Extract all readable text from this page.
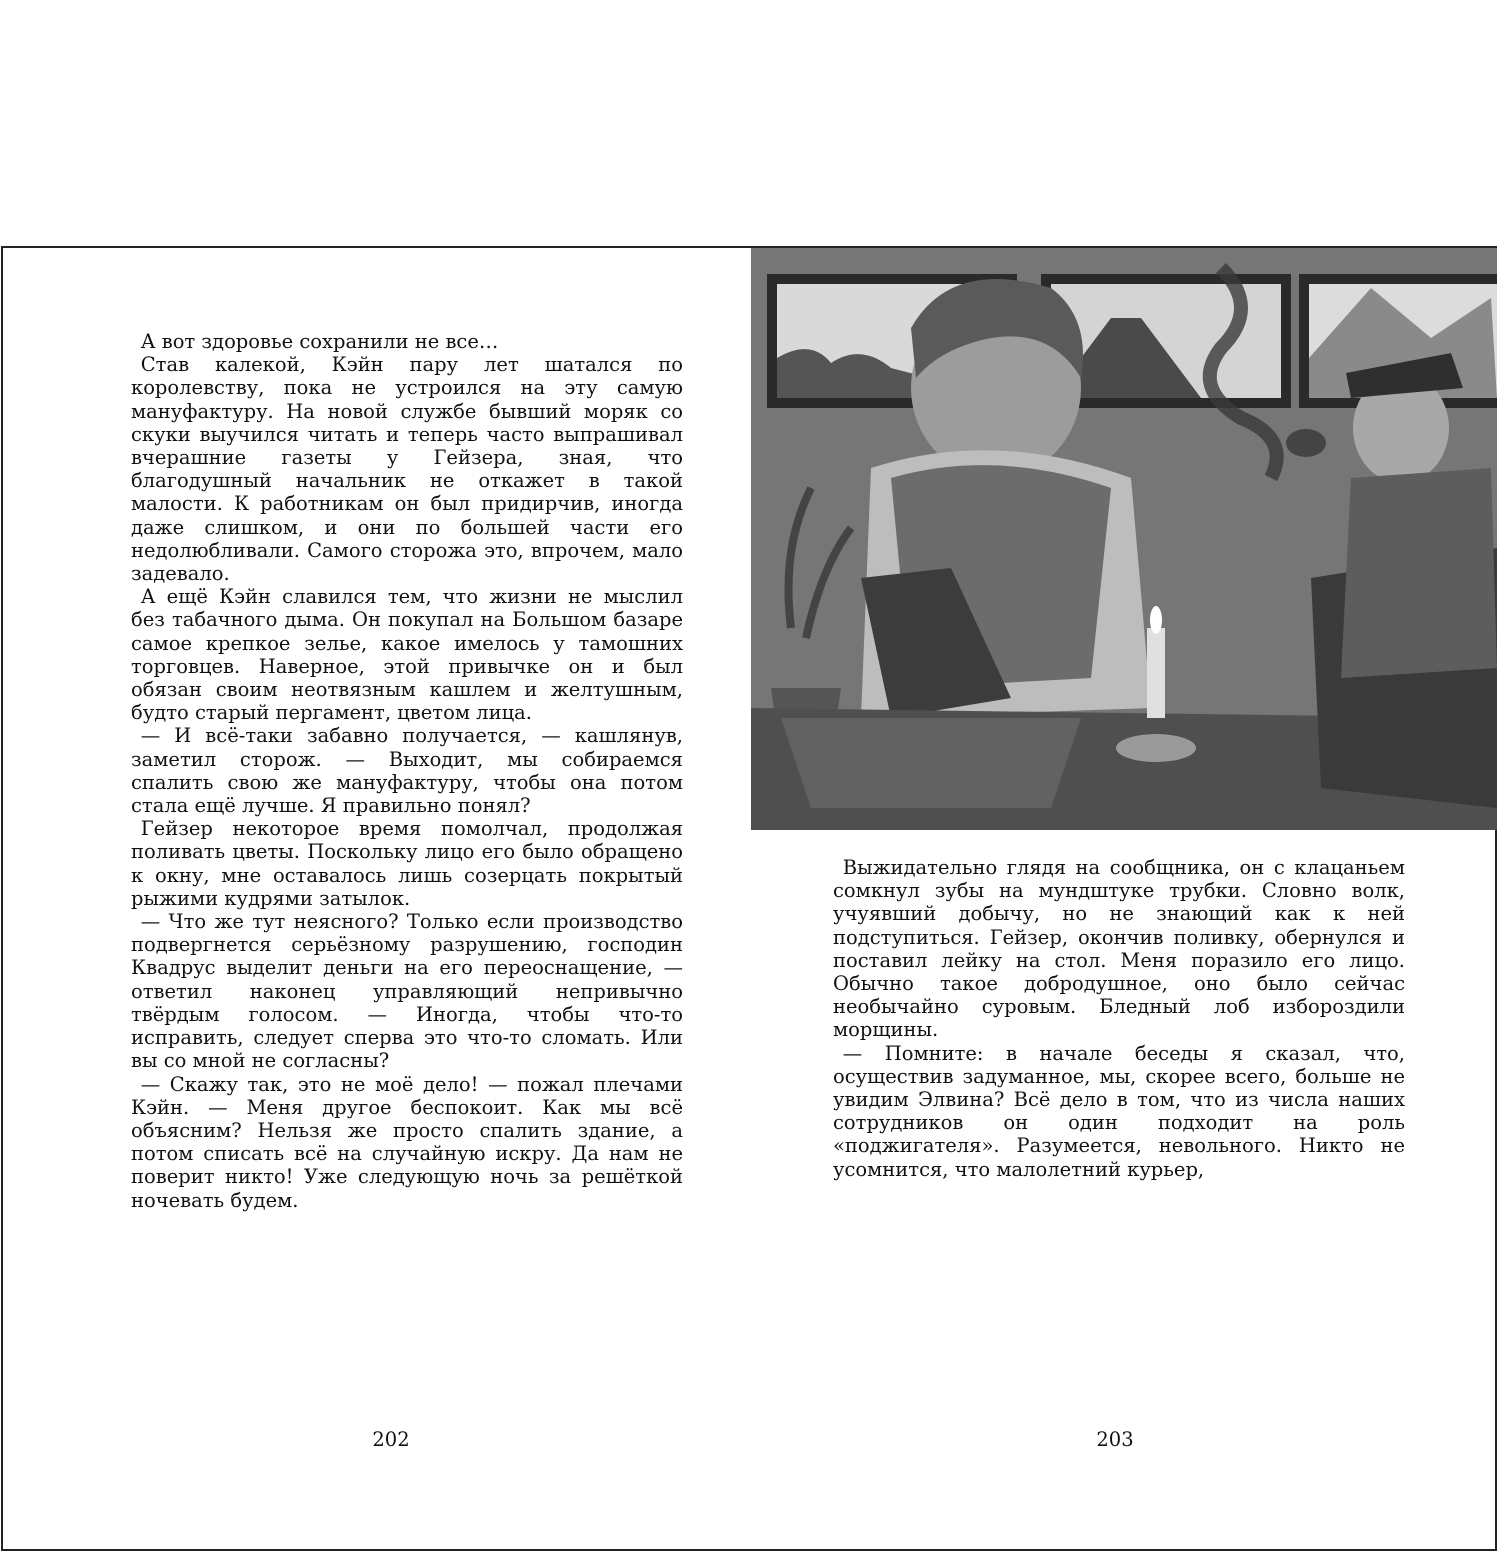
А вот здоровье сохранили не все…

Став калекой, Кэйн пару лет шатался по королевству, пока не устроился на эту самую мануфактуру. На новой службе бывший моряк со скуки выучился читать и теперь часто выпрашивал вчерашние газеты у Гейзера, зная, что благодушный начальник не откажет в такой малости. К работникам он был придирчив, иногда даже слишком, и они по большей части его недолюбливали. Самого сторожа это, впрочем, мало задевало.

А ещё Кэйн славился тем, что жизни не мыслил без табачного дыма. Он покупал на Большом базаре самое крепкое зелье, какое имелось у тамошних торговцев. Наверное, этой привычке он и был обязан своим неотвязным кашлем и желтушным, будто старый пергамент, цветом лица.

— И всё-таки забавно получается, — кашлянув, заметил сторож. — Выходит, мы собираемся спалить свою же мануфактуру, чтобы она потом стала ещё лучше. Я правильно понял?

Гейзер некоторое время помолчал, продолжая поливать цветы. Поскольку лицо его было обращено к окну, мне оставалось лишь созерцать покрытый рыжими кудрями затылок.

— Что же тут неясного? Только если производство подвергнется серьёзному разрушению, господин Квадрус выделит деньги на его переоснащение, — ответил наконец управляющий непривычно твёрдым голосом. — Иногда, чтобы что-то исправить, следует сперва это что-то сломать. Или вы со мной не согласны?

— Скажу так, это не моё дело! — пожал плечами Кэйн. — Меня другое беспокоит. Как мы всё объясним? Нельзя же просто спалить здание, а потом списать всё на случайную искру. Да нам не поверит никто! Уже следующую ночь за решёткой ночевать будем.

202

Выжидательно глядя на сообщника, он с клацаньем сомкнул зубы на мундштуке трубки. Словно волк, учуявший добычу, но не знающий как к ней подступиться. Гейзер, окончив поливку, обернулся и поставил лейку на стол. Меня поразило его лицо. Обычно такое добродушное, оно было сейчас необычайно суровым. Бледный лоб избороздили морщины.

— Помните: в начале беседы я сказал, что, осуществив задуманное, мы, скорее всего, больше не увидим Элвина? Всё дело в том, что из числа наших сотрудников он один подходит на роль «поджигателя». Разумеется, невольного. Никто не усомнится, что малолетний курьер,

203
